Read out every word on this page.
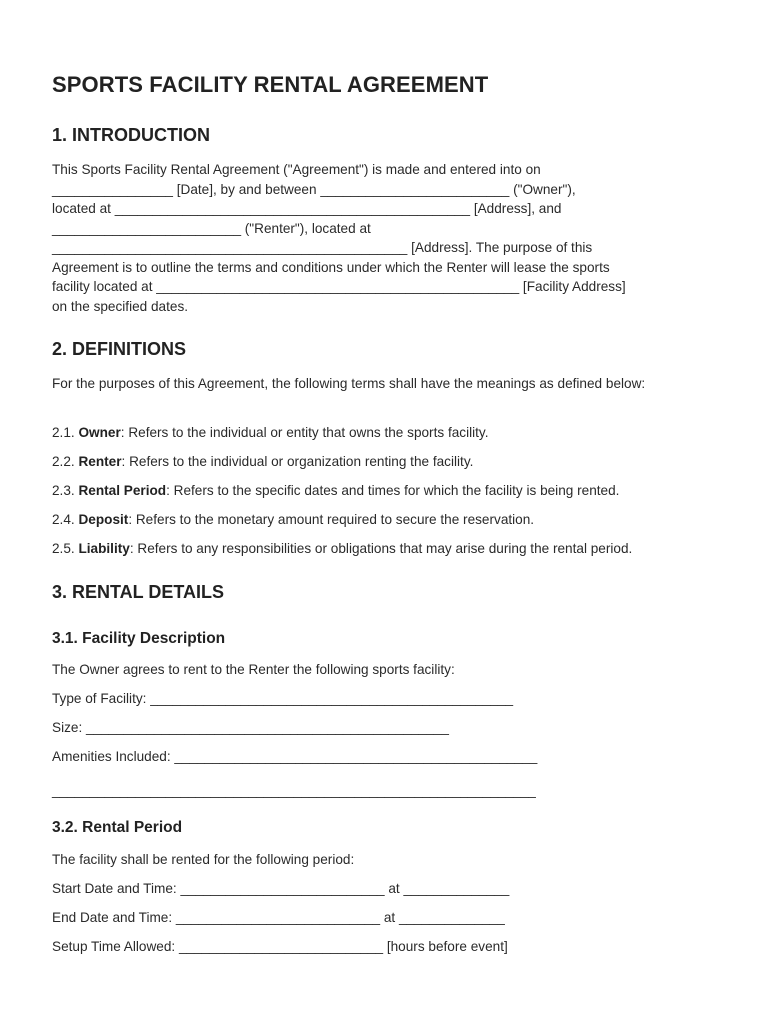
SPORTS FACILITY RENTAL AGREEMENT
1. INTRODUCTION

This Sports Facility Rental Agreement ("Agreement") is made and entered into on

________________ [Date], by and between _________________________ ("Owner"),

located at _______________________________________________ [Address], and

_________________________ ("Renter"), located at

_______________________________________________ [Address]. The purpose of this

Agreement is to outline the terms and conditions under which the Renter will lease the sports

facility located at ________________________________________________ [Facility Address]

on the specified dates.

2. DEFINITIONS

For the purposes of this Agreement, the following terms shall have the meanings as defined below:

2.1. Owner: Refers to the individual or entity that owns the sports facility.

2.2. Renter: Refers to the individual or organization renting the facility.

2.3. Rental Period: Refers to the specific dates and times for which the facility is being rented.

2.4. Deposit: Refers to the monetary amount required to secure the reservation.

2.5. Liability: Refers to any responsibilities or obligations that may arise during the rental period.

3. RENTAL DETAILS
3.1. Facility Description

The Owner agrees to rent to the Renter the following sports facility:

Type of Facility: ________________________________________________

Size: ________________________________________________

Amenities Included: ________________________________________________

________________________________________________________________

3.2. Rental Period

The facility shall be rented for the following period:

Start Date and Time: ___________________________ at ______________

End Date and Time: ___________________________ at ______________

Setup Time Allowed: ___________________________ [hours before event]
